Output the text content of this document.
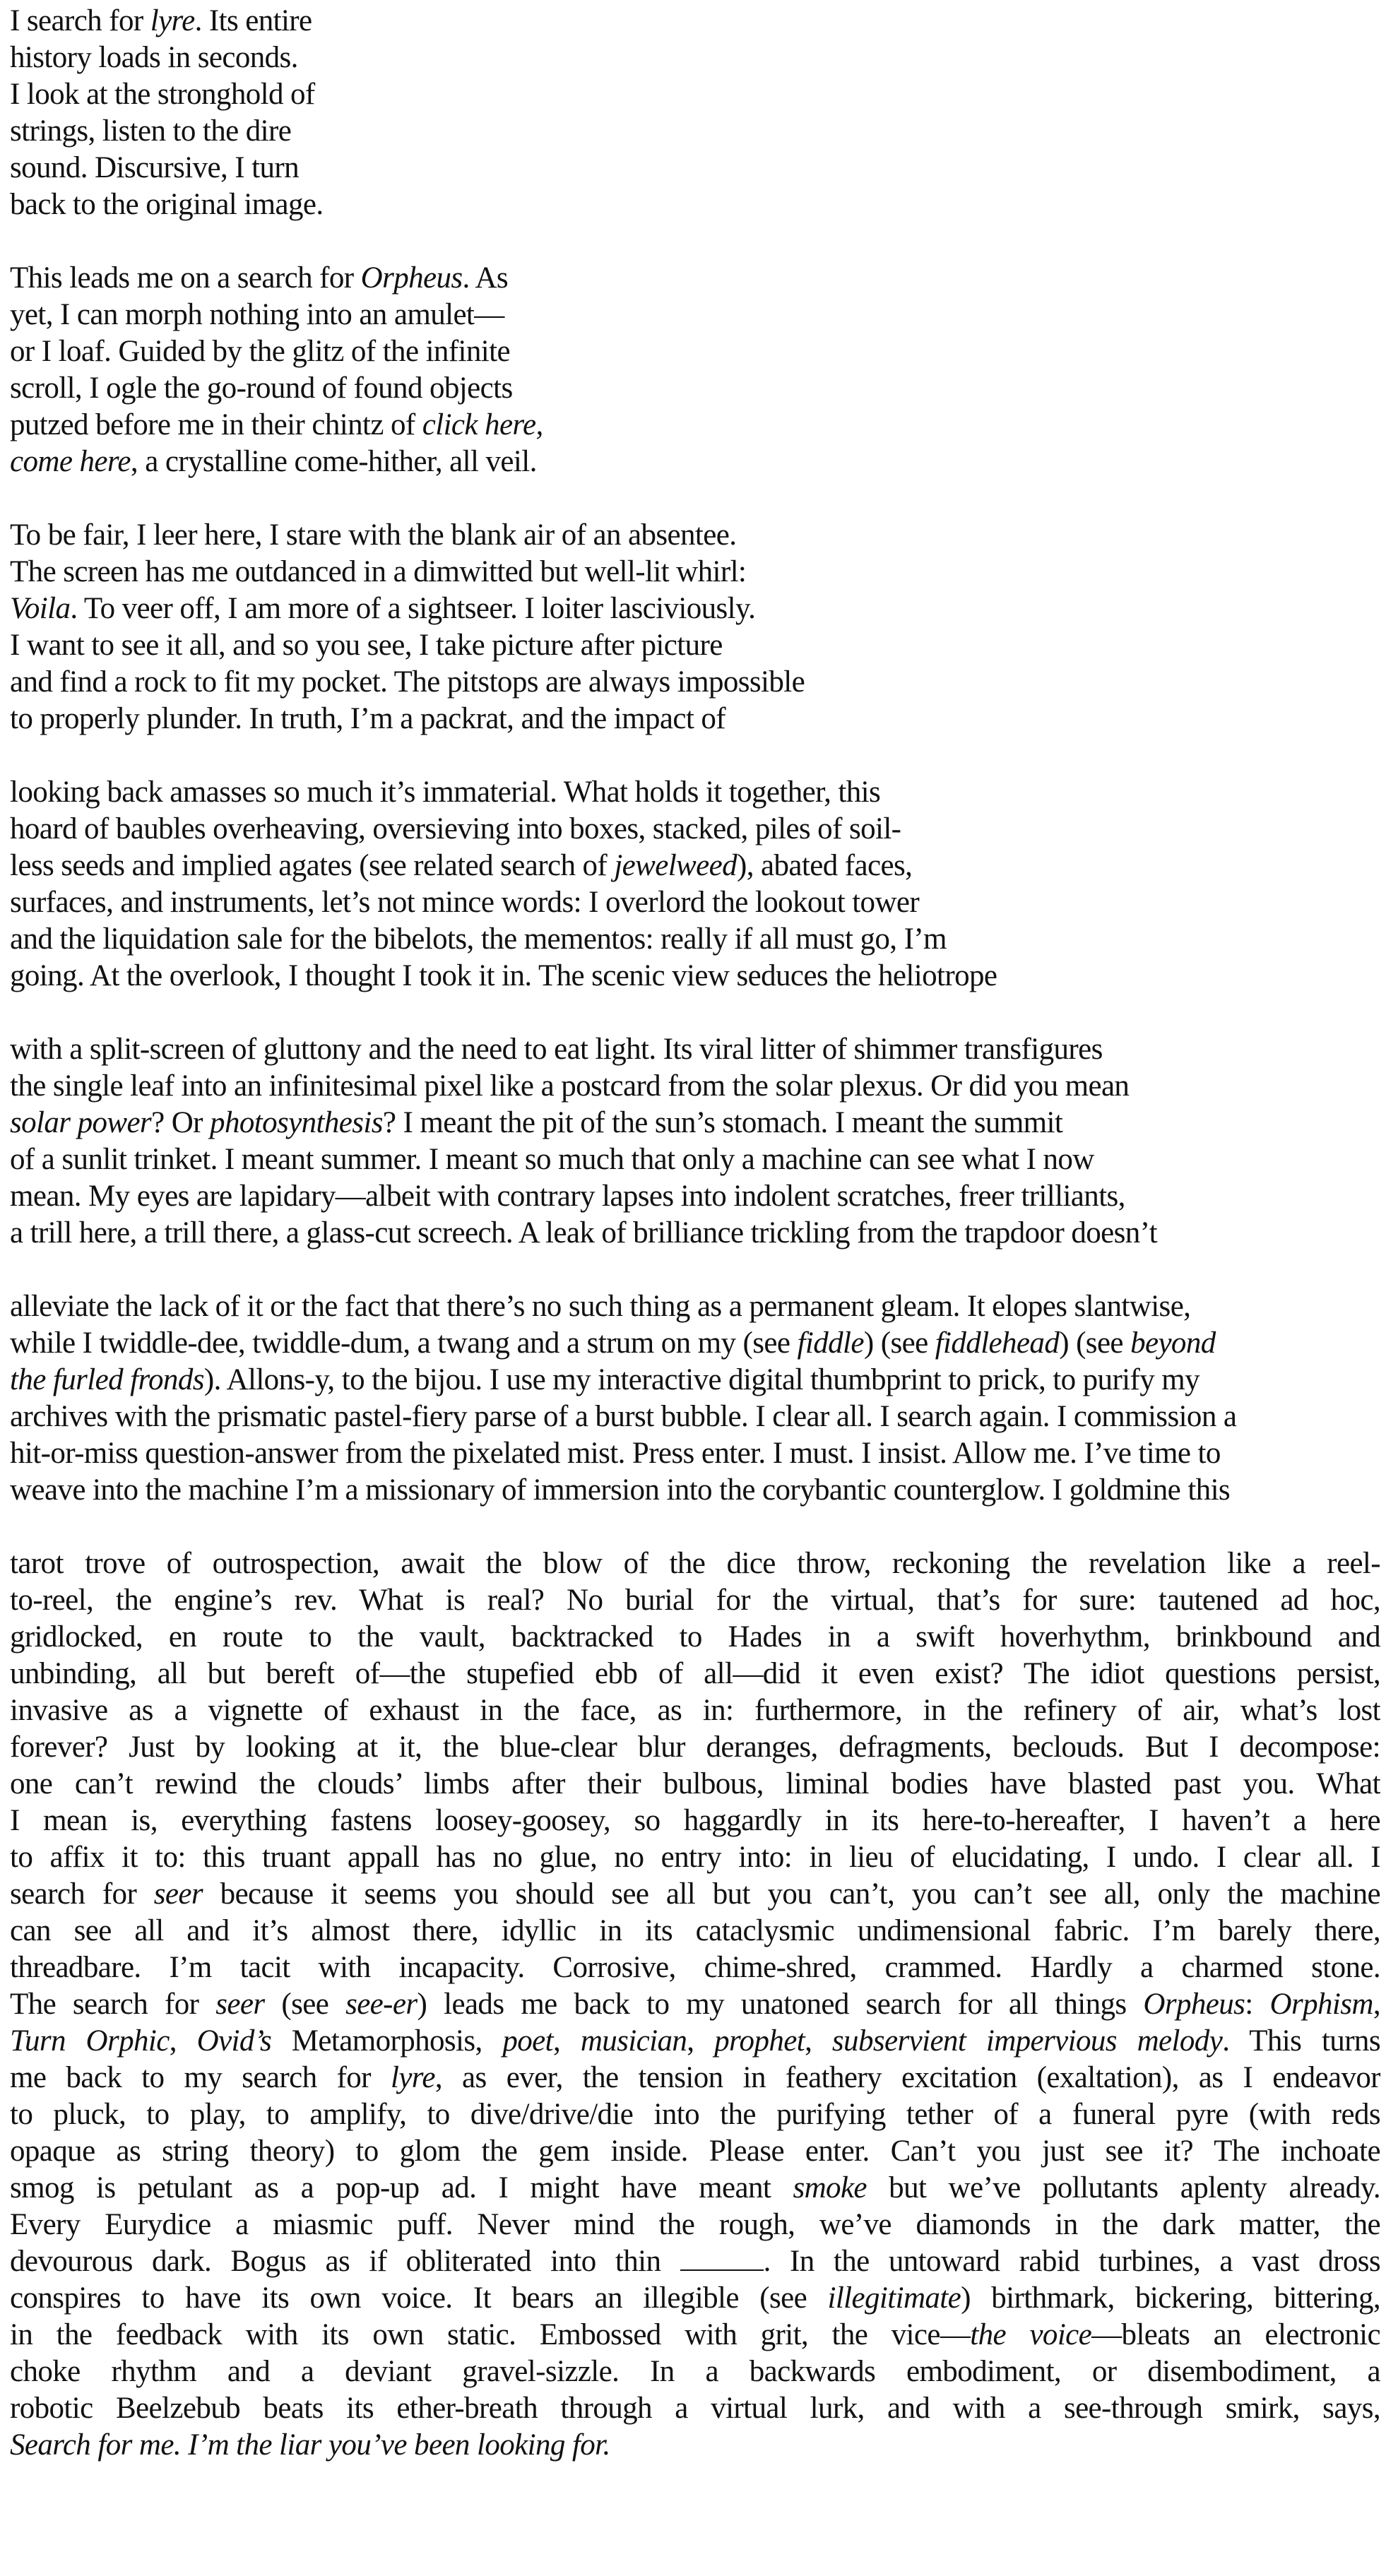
I search for lyre. Its entire
history loads in seconds.
I look at the stronghold of
strings, listen to the dire
sound. Discursive, I turn
back to the original image.
This leads me on a search for Orpheus. As
yet, I can morph nothing into an amulet—
or I loaf. Guided by the glitz of the infinite
scroll, I ogle the go-round of found objects
putzed before me in their chintz of click here,
come here, a crystalline come-hither, all veil.
To be fair, I leer here, I stare with the blank air of an absentee.
The screen has me outdanced in a dimwitted but well-lit whirl:
Voila. To veer off, I am more of a sightseer. I loiter lasciviously.
I want to see it all, and so you see, I take picture after picture
and find a rock to fit my pocket. The pitstops are always impossible
to properly plunder. In truth, I’m a packrat, and the impact of
looking back amasses so much it’s immaterial. What holds it together, this
hoard of baubles overheaving, oversieving into boxes, stacked, piles of soil-
less seeds and implied agates (see related search of jewelweed), abated faces,
surfaces, and instruments, let’s not mince words: I overlord the lookout tower
and the liquidation sale for the bibelots, the mementos: really if all must go, I’m
going. At the overlook, I thought I took it in. The scenic view seduces the heliotrope
with a split-screen of gluttony and the need to eat light. Its viral litter of shimmer transfigures
the single leaf into an infinitesimal pixel like a postcard from the solar plexus. Or did you mean
solar power? Or photosynthesis? I meant the pit of the sun’s stomach. I meant the summit
of a sunlit trinket. I meant summer. I meant so much that only a machine can see what I now
mean. My eyes are lapidary—albeit with contrary lapses into indolent scratches, freer trilliants,
a trill here, a trill there, a glass-cut screech. A leak of brilliance trickling from the trapdoor doesn’t
alleviate the lack of it or the fact that there’s no such thing as a permanent gleam. It elopes slantwise,
while I twiddle-dee, twiddle-dum, a twang and a strum on my (see fiddle) (see fiddlehead) (see beyond
the furled fronds). Allons-y, to the bijou. I use my interactive digital thumbprint to prick, to purify my
archives with the prismatic pastel-fiery parse of a burst bubble. I clear all. I search again. I commission a
hit-or-miss question-answer from the pixelated mist. Press enter. I must. I insist. Allow me. I’ve time to
weave into the machine I’m a missionary of immersion into the corybantic counterglow. I goldmine this
tarot trove of outrospection, await the blow of the dice throw, reckoning the revelation like a reel-
to-reel, the engine’s rev. What is real? No burial for the virtual, that’s for sure: tautened ad hoc,
gridlocked, en route to the vault, backtracked to Hades in a swift hoverhythm, brinkbound and
unbinding, all but bereft of—the stupefied ebb of all—did it even exist? The idiot questions persist,
invasive as a vignette of exhaust in the face, as in: furthermore, in the refinery of air, what’s lost
forever? Just by looking at it, the blue-clear blur deranges, defragments, beclouds. But I decompose:
one can’t rewind the clouds’ limbs after their bulbous, liminal bodies have blasted past you. What
I mean is, everything fastens loosey-goosey, so haggardly in its here-to-hereafter, I haven’t a here
to affix it to: this truant appall has no glue, no entry into: in lieu of elucidating, I undo. I clear all. I
search for seer because it seems you should see all but you can’t, you can’t see all, only the machine
can see all and it’s almost there, idyllic in its cataclysmic undimensional fabric. I’m barely there,
threadbare. I’m tacit with incapacity. Corrosive, chime-shred, crammed. Hardly a charmed stone.
The search for seer (see see-er) leads me back to my unatoned search for all things Orpheus: Orphism,
Turn Orphic, Ovid’s Metamorphosis, poet, musician, prophet, subservient impervious melody. This turns
me back to my search for lyre, as ever, the tension in feathery excitation (exaltation), as I endeavor
to pluck, to play, to amplify, to dive/drive/die into the purifying tether of a funeral pyre (with reds
opaque as string theory) to glom the gem inside. Please enter. Can’t you just see it? The inchoate
smog is petulant as a pop-up ad. I might have meant smoke but we’ve pollutants aplenty already.
Every Eurydice a miasmic puff. Never mind the rough, we’ve diamonds in the dark matter, the
devourous dark. Bogus as if obliterated into thin	. In the untoward rabid turbines, a vast dross
conspires to have its own voice. It bears an illegible (see illegitimate) birthmark, bickering, bittering,
in the feedback with its own static. Embossed with grit, the vice—the voice—bleats an electronic
choke rhythm and a deviant gravel-sizzle. In a backwards embodiment, or disembodiment, a
robotic Beelzebub beats its ether-breath through a virtual lurk, and with a see-through smirk, says,
Search for me. I’m the liar you’ve been looking for.
